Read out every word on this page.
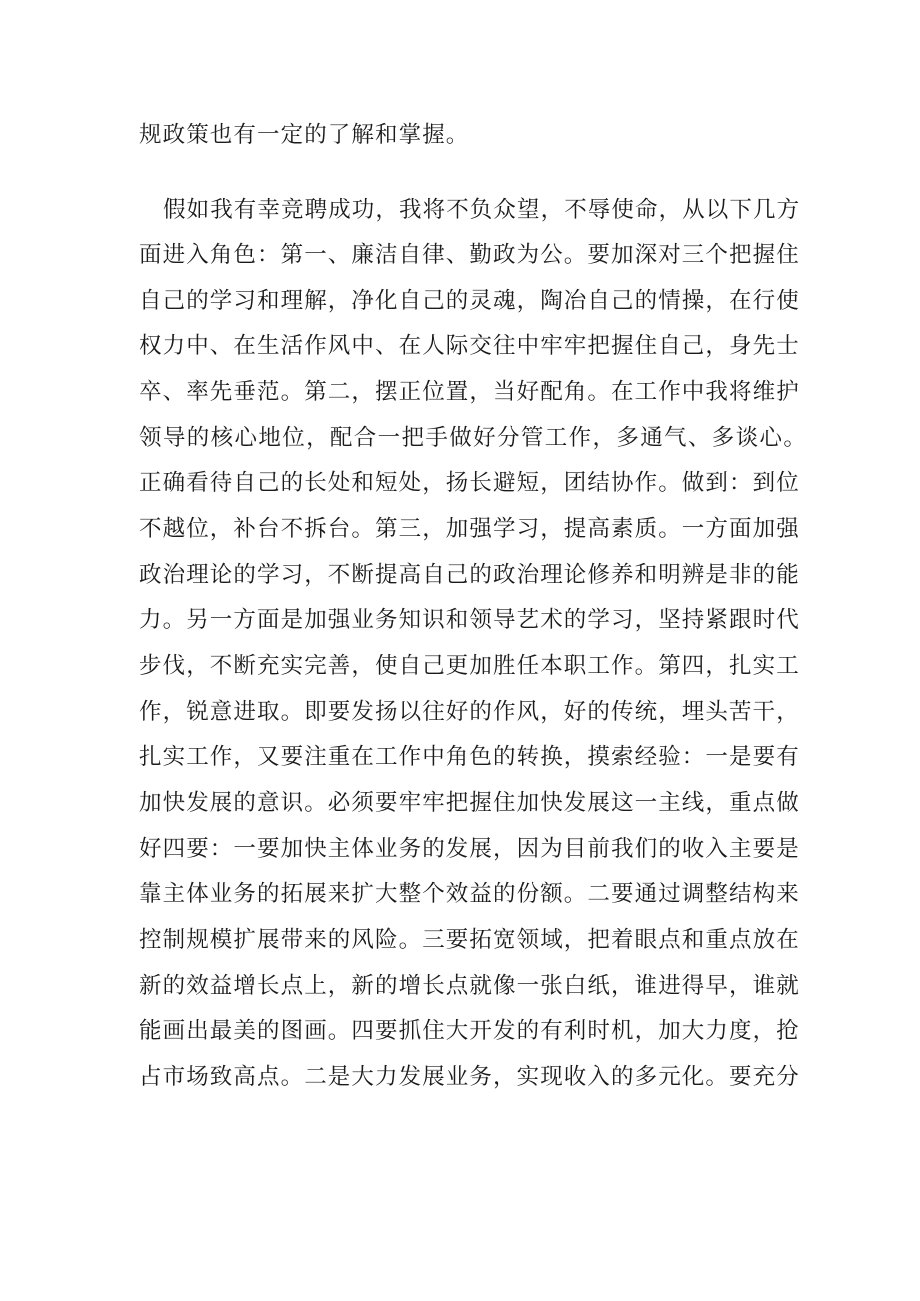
规政策也有一定的了解和掌握。
假如我有幸竞聘成功，我将不负众望，不辱使命，从以下几方
面进入角色：第一、廉洁自律、勤政为公。要加深对三个把握住
自己的学习和理解，净化自己的灵魂，陶冶自己的情操，在行使
权力中、在生活作风中、在人际交往中牢牢把握住自己，身先士
卒、率先垂范。第二，摆正位置，当好配角。在工作中我将维护
领导的核心地位，配合一把手做好分管工作，多通气、多谈心。
正确看待自己的长处和短处，扬长避短，团结协作。做到：到位
不越位，补台不拆台。第三，加强学习，提高素质。一方面加强
政治理论的学习，不断提高自己的政治理论修养和明辨是非的能
力。另一方面是加强业务知识和领导艺术的学习，坚持紧跟时代
步伐，不断充实完善，使自己更加胜任本职工作。第四，扎实工
作，锐意进取。即要发扬以往好的作风，好的传统，埋头苦干，
扎实工作，又要注重在工作中角色的转换，摸索经验：一是要有
加快发展的意识。必须要牢牢把握住加快发展这一主线，重点做
好四要：一要加快主体业务的发展，因为目前我们的收入主要是
靠主体业务的拓展来扩大整个效益的份额。二要通过调整结构来
控制规模扩展带来的风险。三要拓宽领域，把着眼点和重点放在
新的效益增长点上，新的增长点就像一张白纸，谁进得早，谁就
能画出最美的图画。四要抓住大开发的有利时机，加大力度，抢
占市场致高点。二是大力发展业务，实现收入的多元化。要充分
